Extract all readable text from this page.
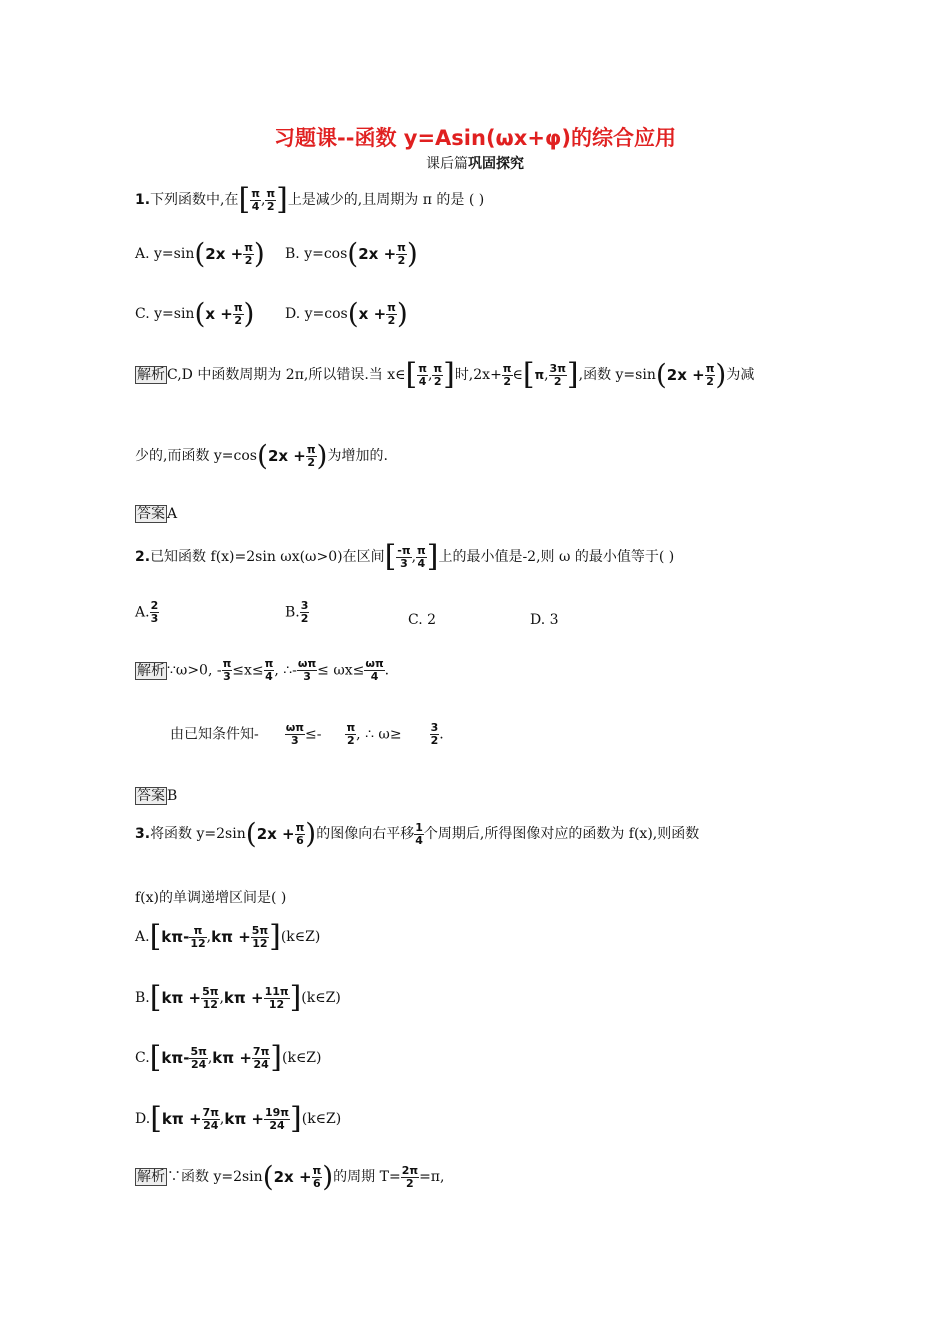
习题课--函数 y=Asin(ωx+φ)的综合应用
课后篇巩固探究
1.下列函数中,在[ $\frac{\pi}{4}$ , $\frac{\pi}{2}$ ]上是减少的,且周期为 π 的是 ( )
A. $y=\sin(2x + \frac{\pi}{2}$ ) B. $y=\cos(2x + \frac{\pi}{2}$ )
C. $y=\sin(x + \frac{\pi}{2}$ ) D. $y=\cos(x + \frac{\pi}{2}$ )
解析 C,D 中函数周期为 2π,所以错误.当 x∈[ $\frac{\pi}{4}$ , $\frac{\pi}{2}$ ]时$,2x+ \frac{\pi}{2}$ ∈[π, $\frac{3\pi}{2}$ ],函数 $y=\sin(2x + \frac{\pi}{2}$ )为减
少的,而函数 $y=\cos(2x + \frac{\pi}{2}$ )为增加的.
答案 A
2.已知函数 f(x)=2sin ωx(ω>0)在区间[ $\frac{-\pi}{3}$ , $\frac{\pi}{4}$ ]上的最小值是-2,则 ω 的最小值等于( )
A. $\frac{2}{3}$	B. $\frac{3}{2}$	C. 2	D. 3
解析 ∵ω>0, - $\frac{\pi}{3} \le x\le \frac{\pi}{4}$ , ∴- $\frac{\omega\pi}{3} \le \omega x\le \frac{\omega\pi}{4}$ .
由已知条件知- $\frac{\omega\pi}{3} \le- \frac{\pi}{2}$ , ∴ ω≥	$\frac{3}{2}$ .
答案 B
3.将函数 $y=2\sin(2x + \frac{\pi}{6}$ )的图像向右平移 $\frac{1}{4}$ 个周期后,所得图像对应的函数为 f(x),则函数
f(x)的单调递增区间是( )
$A.[k\pi- \frac{\pi}{12} ,k\pi + \frac{5\pi}{12}$ ](k∈Z)
$B.[k\pi + \frac{5\pi}{12} ,k\pi + \frac{11\pi}{12}$ ](k∈Z)
$C.[k\pi- \frac{5\pi}{24} ,k\pi + \frac{7\pi}{24}$ ](k∈Z)
$D.[k\pi + \frac{7\pi}{24} ,k\pi + \frac{19\pi}{24}$ ](k∈Z)
解析 ∵函数 $y=2\sin(2x + \frac{\pi}{6}$ )的周期 $T= \frac{2\pi}{2} =\pi$,
